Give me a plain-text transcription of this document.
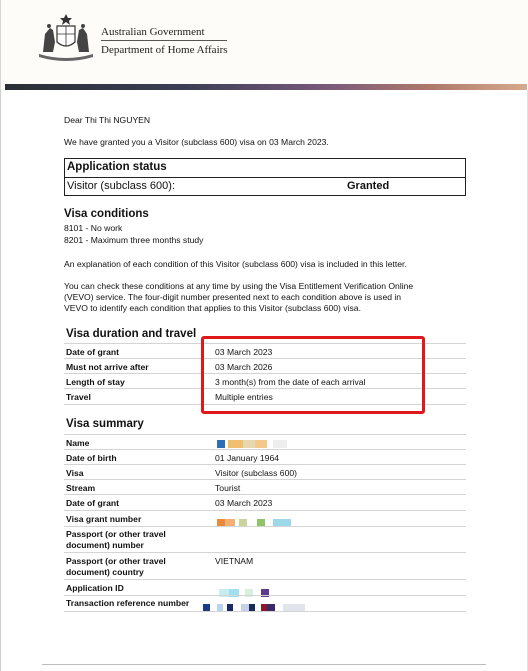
Australian Government
Department of Home Affairs
Dear Thi Thi NGUYEN
We have granted you a Visitor (subclass 600) visa on 03 March 2023.
Application status
Visitor (subclass 600):	Granted
Visa conditions
8101 - No work
8201 - Maximum three months study
An explanation of each condition of this Visitor (subclass 600) visa is included in this letter.
You can check these conditions at any time by using the Visa Entitlement Verification Online
(VEVO) service. The four-digit number presented next to each condition above is used in
VEVO to identify each condition that applies to this Visitor (subclass 600) visa.
Visa duration and travel
Date of grant	03 March 2023
Must not arrive after	03 March 2026
Length of stay	3 month(s) from the date of each arrival
Travel	Multiple entries
Visa summary
Name
Date of birth	01 January 1964
Visa	Visitor (subclass 600)
Stream	Tourist
Date of grant	03 March 2023
Visa grant number
Passport (or other travel
document) number
Passport (or other travel	VIETNAM
document) country
Application ID
Transaction reference number
